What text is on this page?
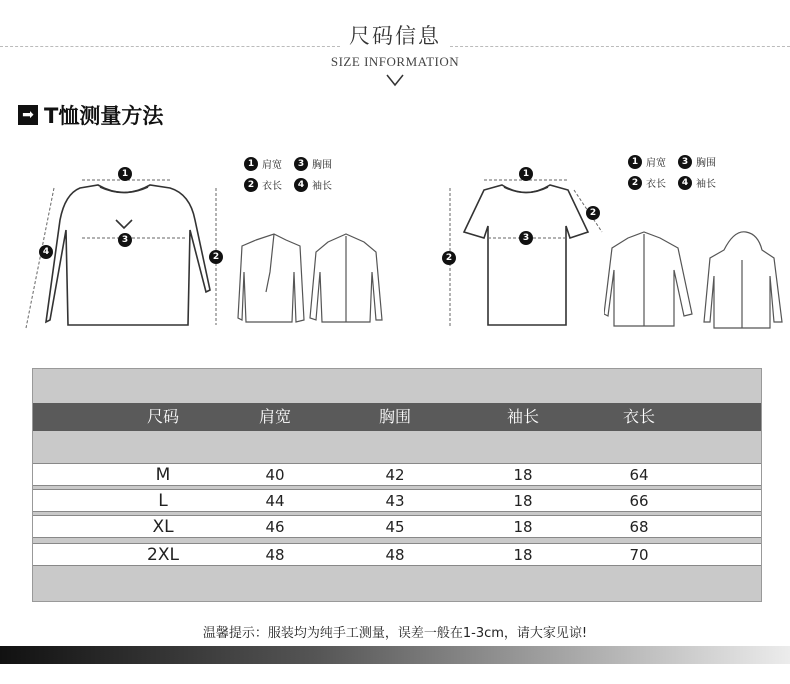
尺码信息
SIZE INFORMATION
➡ T恤测量方法
1 肩宽	3 胸围
2 衣长	4 袖长
1 肩宽	3 胸围
2 衣长	4 袖长
1
3
2
4
1
3
2
2
尺码	肩宽	胸围	袖长	衣长
M	40	42	18	64
L	44	43	18	66
XL	46	45	18	68
2XL	48	48	18	70
温馨提示：服装均为纯手工测量，误差一般在1-3cm，请大家见谅!
